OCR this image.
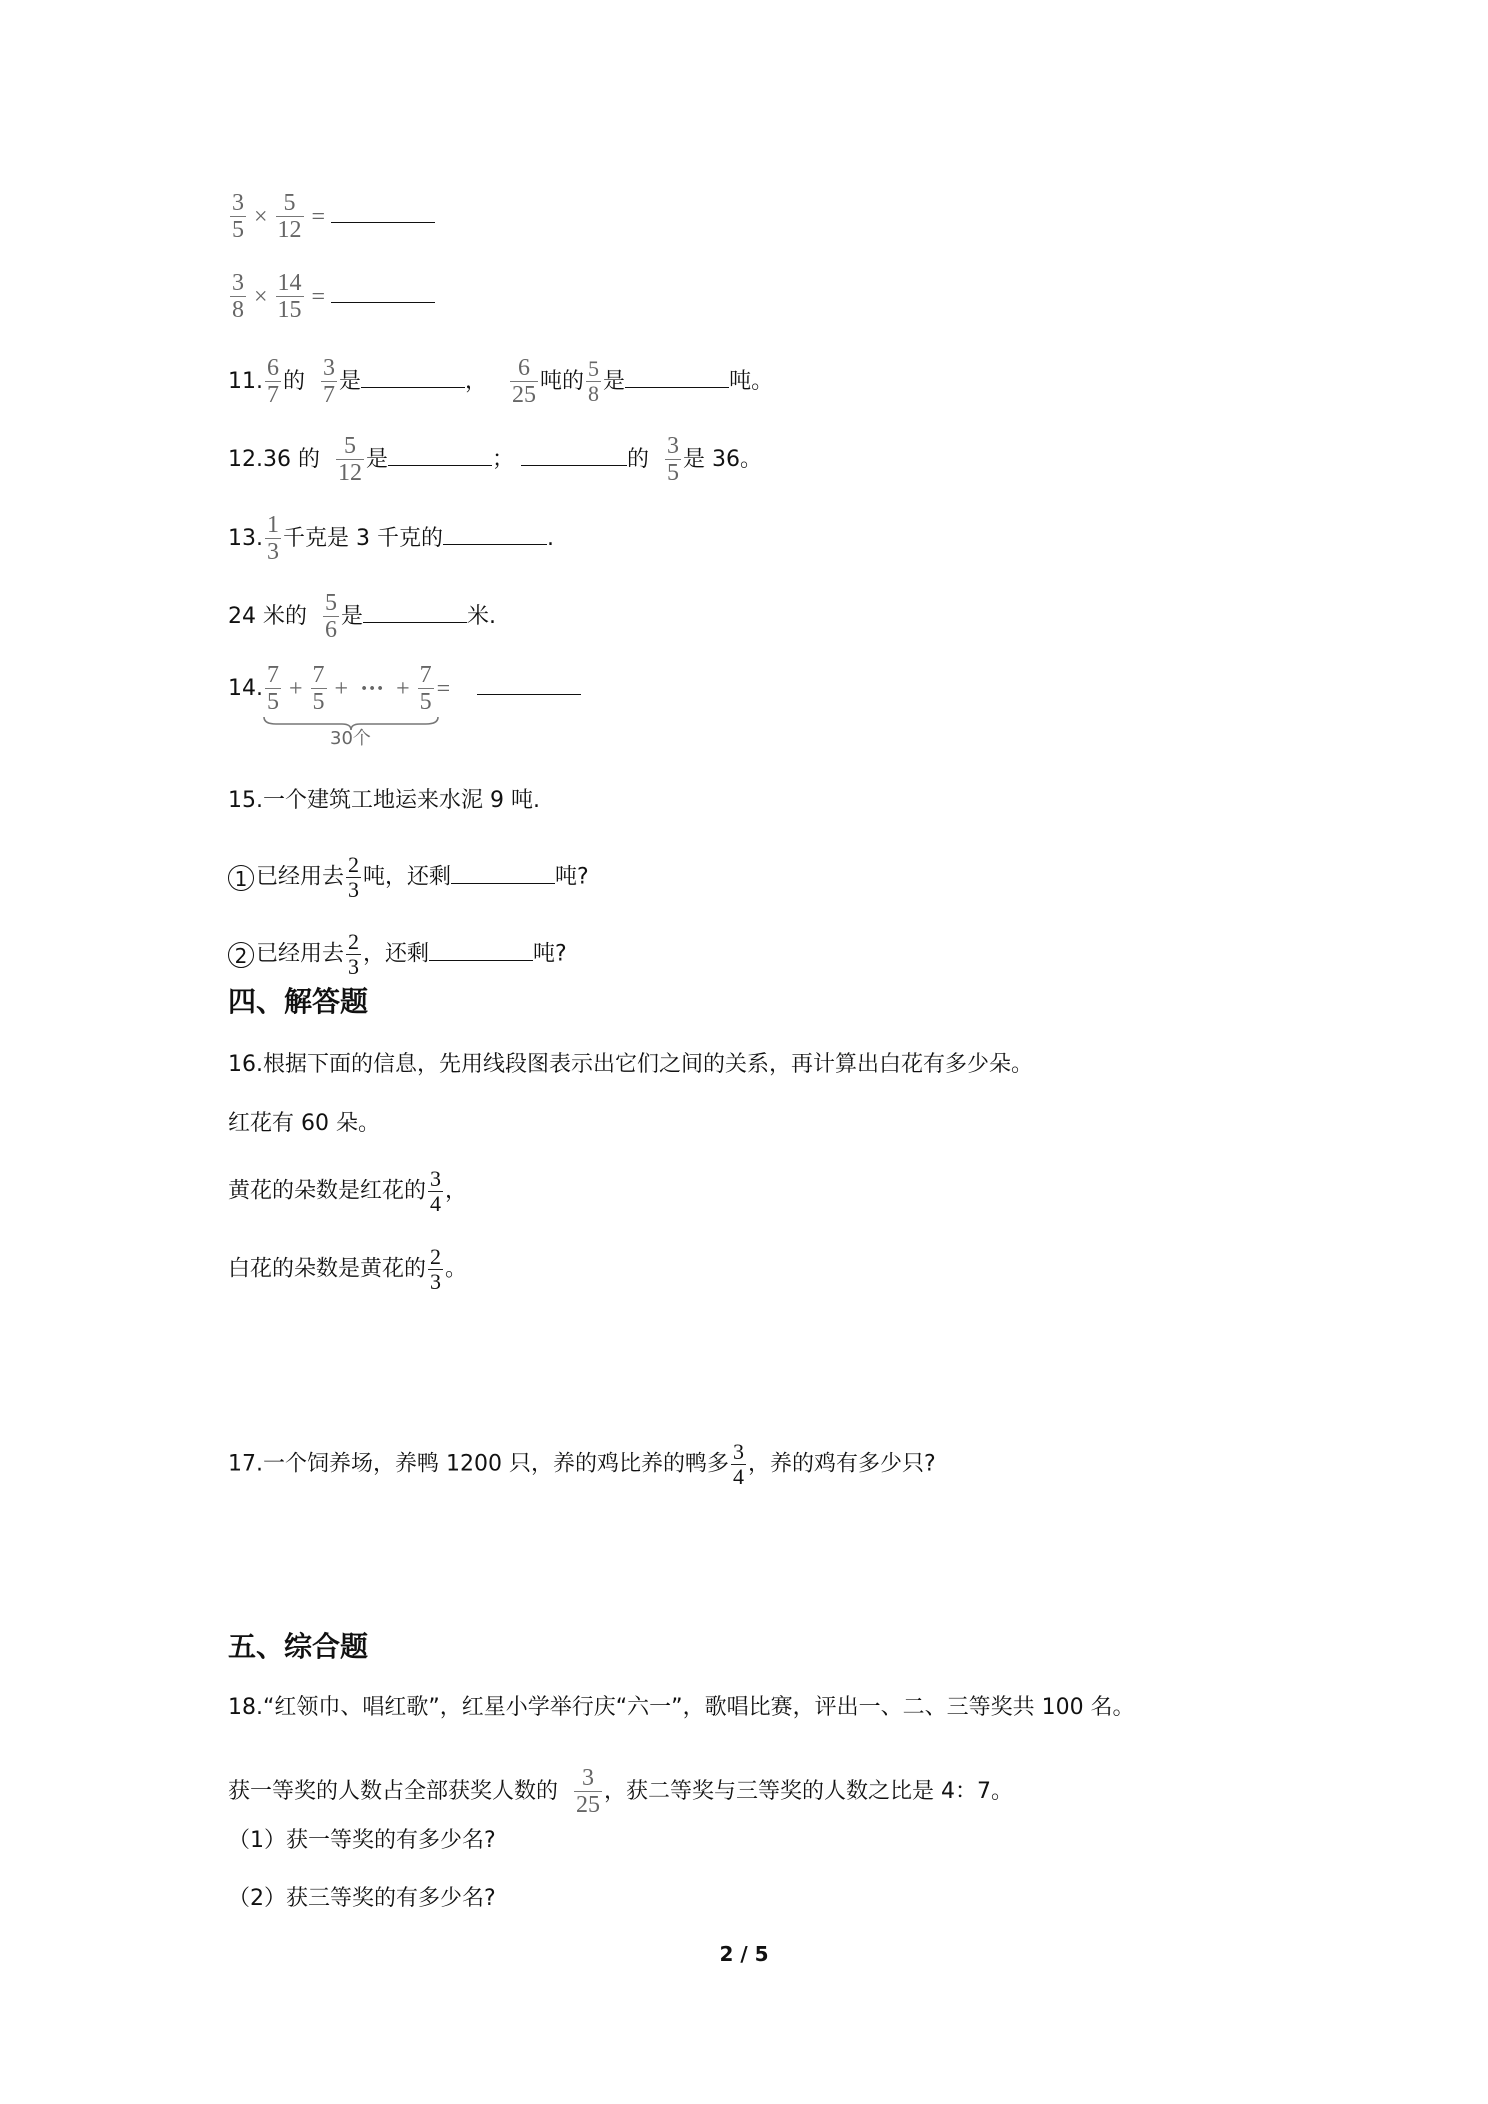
$\frac{3}{5} \times \frac{5}{12}$ =
$\frac{3}{8} \times \frac{14}{15}$ =
11. $\frac{6}{7}$ 的 $\frac{3}{7}$ 是	， $\frac{6}{25}$ 吨的 $\frac{5}{8}$ 是	吨。
12.36 的 $\frac{5}{12}$ 是	；	的 $\frac{3}{5}$ 是 36。
13. $\frac{1}{3}$ 千克是 3 千克的	.
24 米的 $\frac{5}{6}$ 是	米.
14. $\frac{7}{5} + \frac{7}{5}$ + ··· + $\frac{7}{5}$ =
30个
15.一个建筑工地运来水泥 9 吨.
1 已经用去 $\frac{2}{3}$ 吨，还剩	吨?
2 已经用去 $\frac{2}{3}$ ，还剩	吨?
四、解答题
16.根据下面的信息，先用线段图表示出它们之间的关系，再计算出白花有多少朵。
红花有 60 朵。
黄花的朵数是红花的 $\frac{3}{4}$ ，
白花的朵数是黄花的 $\frac{2}{3}$ 。
17.一个饲养场，养鸭 1200 只，养的鸡比养的鸭多 $\frac{3}{4}$ ，养的鸡有多少只?
五、综合题
18.“红领巾、唱红歌”，红星小学举行庆“六一”，歌唱比赛，评出一、二、三等奖共 100 名。
获一等奖的人数占全部获奖人数的 $\frac{3}{25}$ ，获二等奖与三等奖的人数之比是 4：7。
（1）获一等奖的有多少名?
（2）获三等奖的有多少名?
2 / 5
